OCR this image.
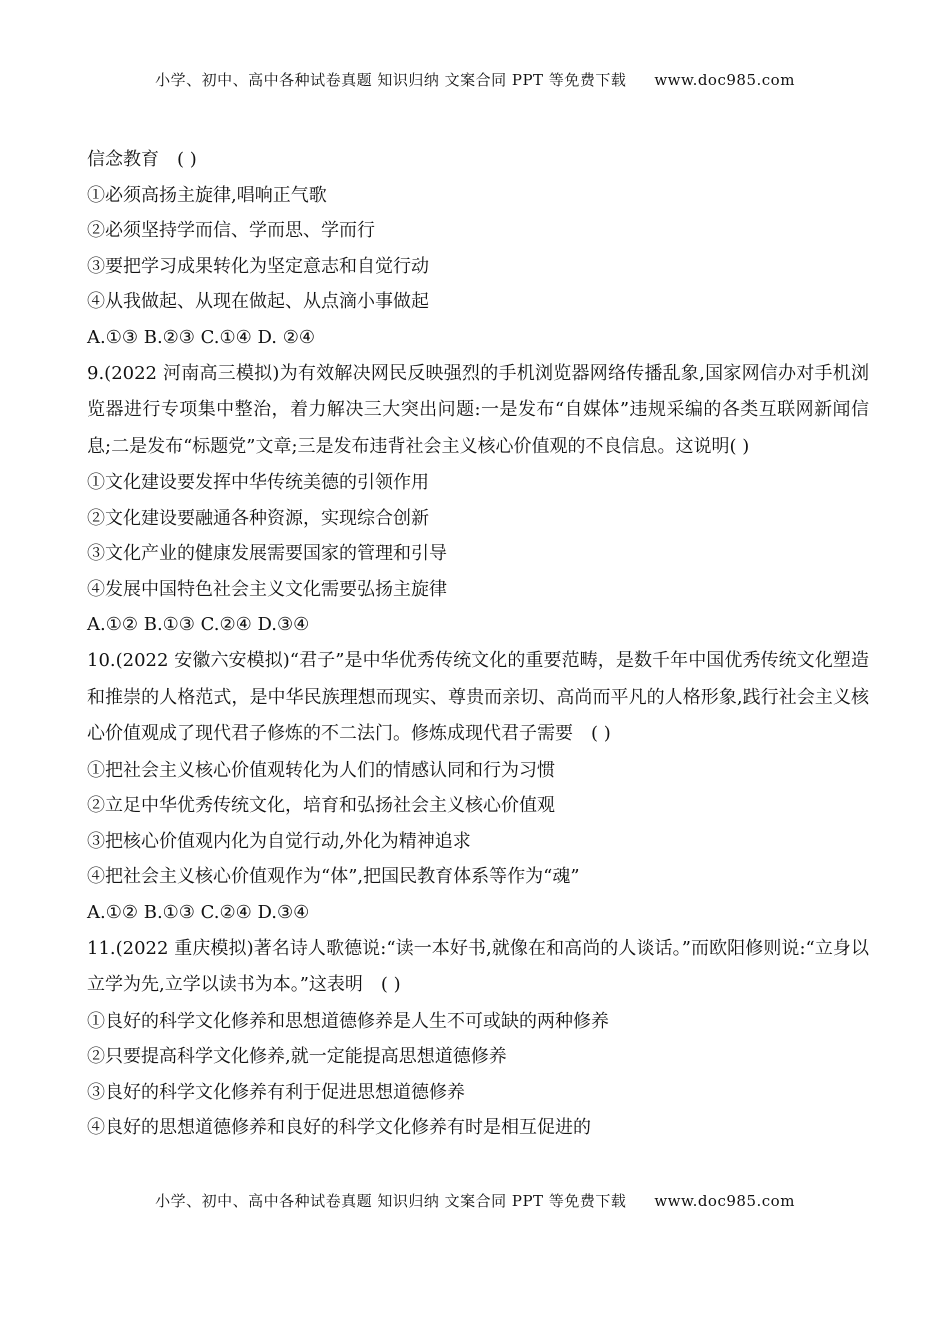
小学、初中、高中各种试卷真题 知识归纳 文案合同 PPT 等免费下载 www.doc985.com
信念教育　( )
①必须高扬主旋律,唱响正气歌
②必须坚持学而信、学而思、学而行
③要把学习成果转化为坚定意志和自觉行动
④从我做起、从现在做起、从点滴小事做起
A.①③ B.②③ C.①④ D. ②④
9.(2022 河南高三模拟)为有效解决网民反映强烈的手机浏览器网络传播乱象,国家网信办对手机浏览器进行专项集中整治，着力解决三大突出问题:一是发布“自媒体”违规采编的各类互联网新闻信息;二是发布“标题党”文章;三是发布违背社会主义核心价值观的不良信息。这说明( )
①文化建设要发挥中华传统美德的引领作用
②文化建设要融通各种资源，实现综合创新
③文化产业的健康发展需要国家的管理和引导
④发展中国特色社会主义文化需要弘扬主旋律
A.①② B.①③ C.②④ D.③④
10.(2022 安徽六安模拟)“君子”是中华优秀传统文化的重要范畴，是数千年中国优秀传统文化塑造和推崇的人格范式，是中华民族理想而现实、尊贵而亲切、高尚而平凡的人格形象,践行社会主义核心价值观成了现代君子修炼的不二法门。修炼成现代君子需要　( )
①把社会主义核心价值观转化为人们的情感认同和行为习惯
②立足中华优秀传统文化，培育和弘扬社会主义核心价值观
③把核心价值观内化为自觉行动,外化为精神追求
④把社会主义核心价值观作为“体”,把国民教育体系等作为“魂”
A.①② B.①③ C.②④ D.③④
11.(2022 重庆模拟)著名诗人歌德说:“读一本好书,就像在和高尚的人谈话。”而欧阳修则说:“立身以立学为先,立学以读书为本。”这表明　( )
①良好的科学文化修养和思想道德修养是人生不可或缺的两种修养
②只要提高科学文化修养,就一定能提高思想道德修养
③良好的科学文化修养有利于促进思想道德修养
④良好的思想道德修养和良好的科学文化修养有时是相互促进的
小学、初中、高中各种试卷真题 知识归纳 文案合同 PPT 等免费下载 www.doc985.com
